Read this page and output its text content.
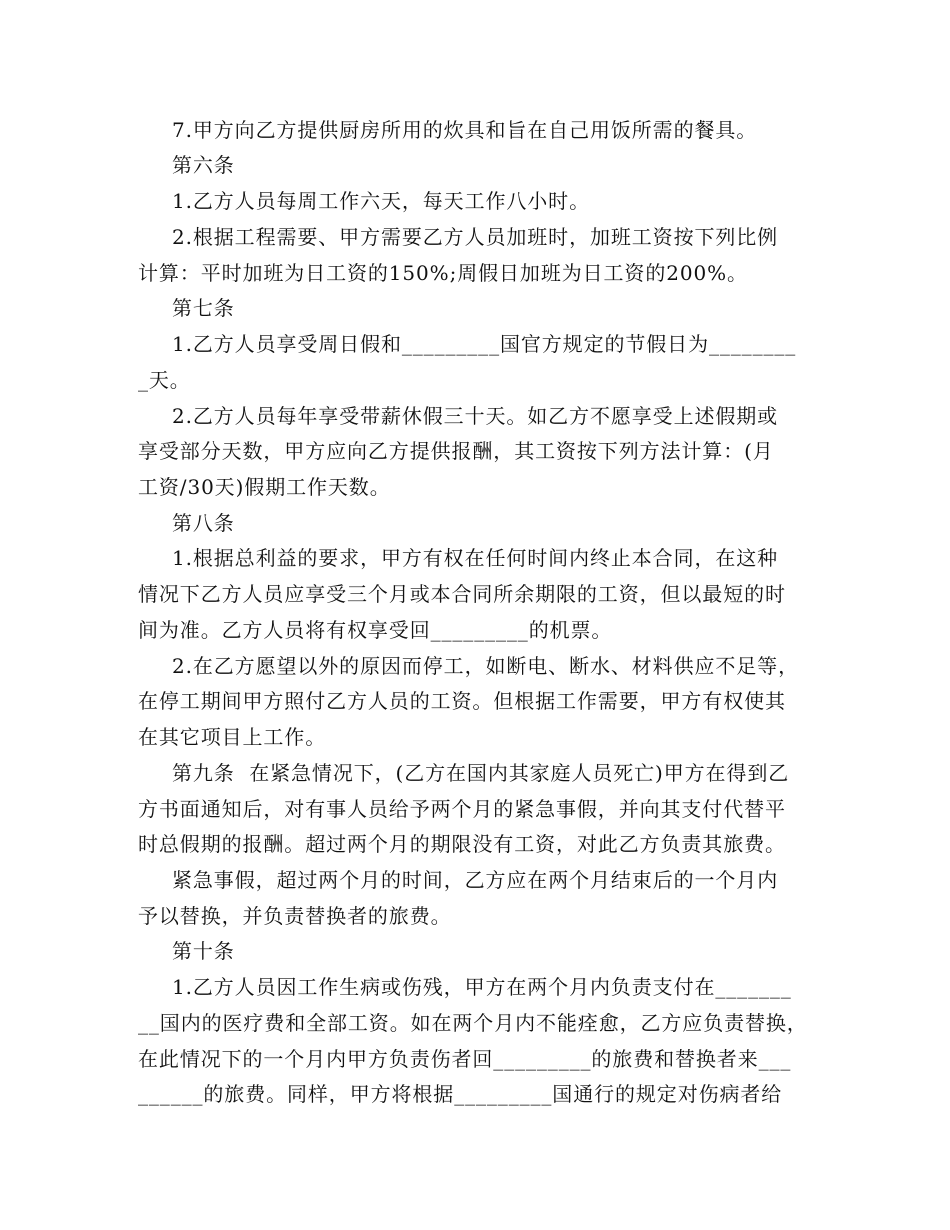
7.甲方向乙方提供厨房所用的炊具和旨在自己用饭所需的餐具。
第六条
1.乙方人员每周工作六天，每天工作八小时。
2.根据工程需要、甲方需要乙方人员加班时，加班工资按下列比例
计算：平时加班为日工资的150%;周假日加班为日工资的200%。
第七条
1.乙方人员享受周日假和_________国官方规定的节假日为________
_天。
2.乙方人员每年享受带薪休假三十天。如乙方不愿享受上述假期或
享受部分天数，甲方应向乙方提供报酬，其工资按下列方法计算：(月
工资/30天)假期工作天数。
第八条
1.根据总利益的要求，甲方有权在任何时间内终止本合同，在这种
情况下乙方人员应享受三个月或本合同所余期限的工资，但以最短的时
间为准。乙方人员将有权享受回_________的机票。
2.在乙方愿望以外的原因而停工，如断电、断水、材料供应不足等，
在停工期间甲方照付乙方人员的工资。但根据工作需要，甲方有权使其
在其它项目上工作。
第九条  在紧急情况下，(乙方在国内其家庭人员死亡)甲方在得到乙
方书面通知后，对有事人员给予两个月的紧急事假，并向其支付代替平
时总假期的报酬。超过两个月的期限没有工资，对此乙方负责其旅费。
紧急事假，超过两个月的时间，乙方应在两个月结束后的一个月内
予以替换，并负责替换者的旅费。
第十条
1.乙方人员因工作生病或伤残，甲方在两个月内负责支付在_______
__国内的医疗费和全部工资。如在两个月内不能痊愈，乙方应负责替换，
在此情况下的一个月内甲方负责伤者回_________的旅费和替换者来___
______的旅费。同样，甲方将根据_________国通行的规定对伤病者给
